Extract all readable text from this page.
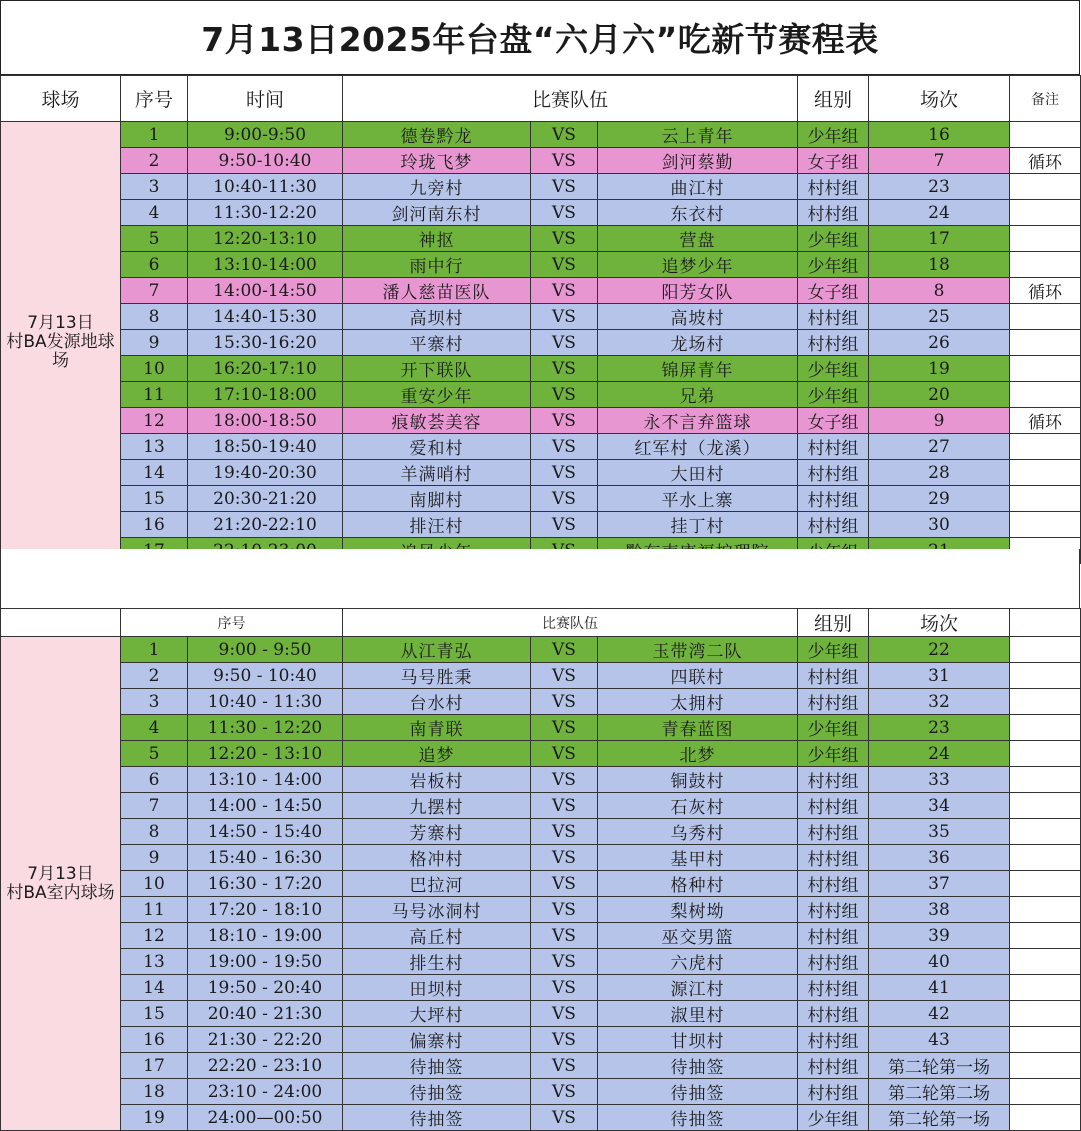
7月13日2025年台盘“六月六”吃新节赛程表
球场	序号	时间	比赛队伍			组别	场次	备注
7月13日
村BA发源地球场	1	9:00-9:50	德卷黔龙	VS	云上青年	少年组	16	
	2	9:50-10:40	玲珑飞梦	VS	剑河蔡勤	女子组	7	循环
	3	10:40-11:30	九旁村	VS	曲江村	村村组	23	
	4	11:30-12:20	剑河南东村	VS	东衣村	村村组	24	
	5	12:20-13:10	神抠	VS	营盘	少年组	17	
	6	13:10-14:00	雨中行	VS	追梦少年	少年组	18	
	7	14:00-14:50	潘人慈苗医队	VS	阳芳女队	女子组	8	循环
	8	14:40-15:30	高坝村	VS	高坡村	村村组	25	
	9	15:30-16:20	平寨村	VS	龙场村	村村组	26	
	10	16:20-17:10	开下联队	VS	锦屏青年	少年组	19	
	11	17:10-18:00	重安少年	VS	兄弟	少年组	20	
	12	18:00-18:50	痕敏荟美容	VS	永不言弃篮球	女子组	9	循环
	13	18:50-19:40	爱和村	VS	红军村（龙溪）	村村组	27	
	14	19:40-20:30	羊满哨村	VS	大田村	村村组	28	
	15	20:30-21:20	南脚村	VS	平水上寨	村村组	29	
	16	21:20-22:10	排汪村	VS	挂丁村	村村组	30	

	序号		比赛队伍			组别	场次	
7月13日
村BA室内球场	1	9:00 - 9:50	从江青弘	VS	玉带湾二队	少年组	22	
	2	9:50 - 10:40	马号胜秉	VS	四联村	村村组	31	
	3	10:40 - 11:30	台水村	VS	太拥村	村村组	32	
	4	11:30 - 12:20	南青联	VS	青春蓝图	少年组	23	
	5	12:20 - 13:10	追梦	VS	北梦	少年组	24	
	6	13:10 - 14:00	岩板村	VS	铜鼓村	村村组	33	
	7	14:00 - 14:50	九摆村	VS	石灰村	村村组	34	
	8	14:50 - 15:40	芳寨村	VS	乌秀村	村村组	35	
	9	15:40 - 16:30	格冲村	VS	基甲村	村村组	36	
	10	16:30 - 17:20	巴拉河	VS	格种村	村村组	37	
	11	17:20 - 18:10	马号冰洞村	VS	梨树坳	村村组	38	
	12	18:10 - 19:00	高丘村	VS	巫交男篮	村村组	39	
	13	19:00 - 19:50	排生村	VS	六虎村	村村组	40	
	14	19:50 - 20:40	田坝村	VS	源江村	村村组	41	
	15	20:40 - 21:30	大坪村	VS	淑里村	村村组	42	
	16	21:30 - 22:20	偏寨村	VS	甘坝村	村村组	43	
	17	22:20 - 23:10	待抽签	VS	待抽签	村村组	第二轮第一场	
	18	23:10 - 24:00	待抽签	VS	待抽签	村村组	第二轮第二场	
	19	24:00—00:50	待抽签	VS	待抽签	少年组	第二轮第一场	
